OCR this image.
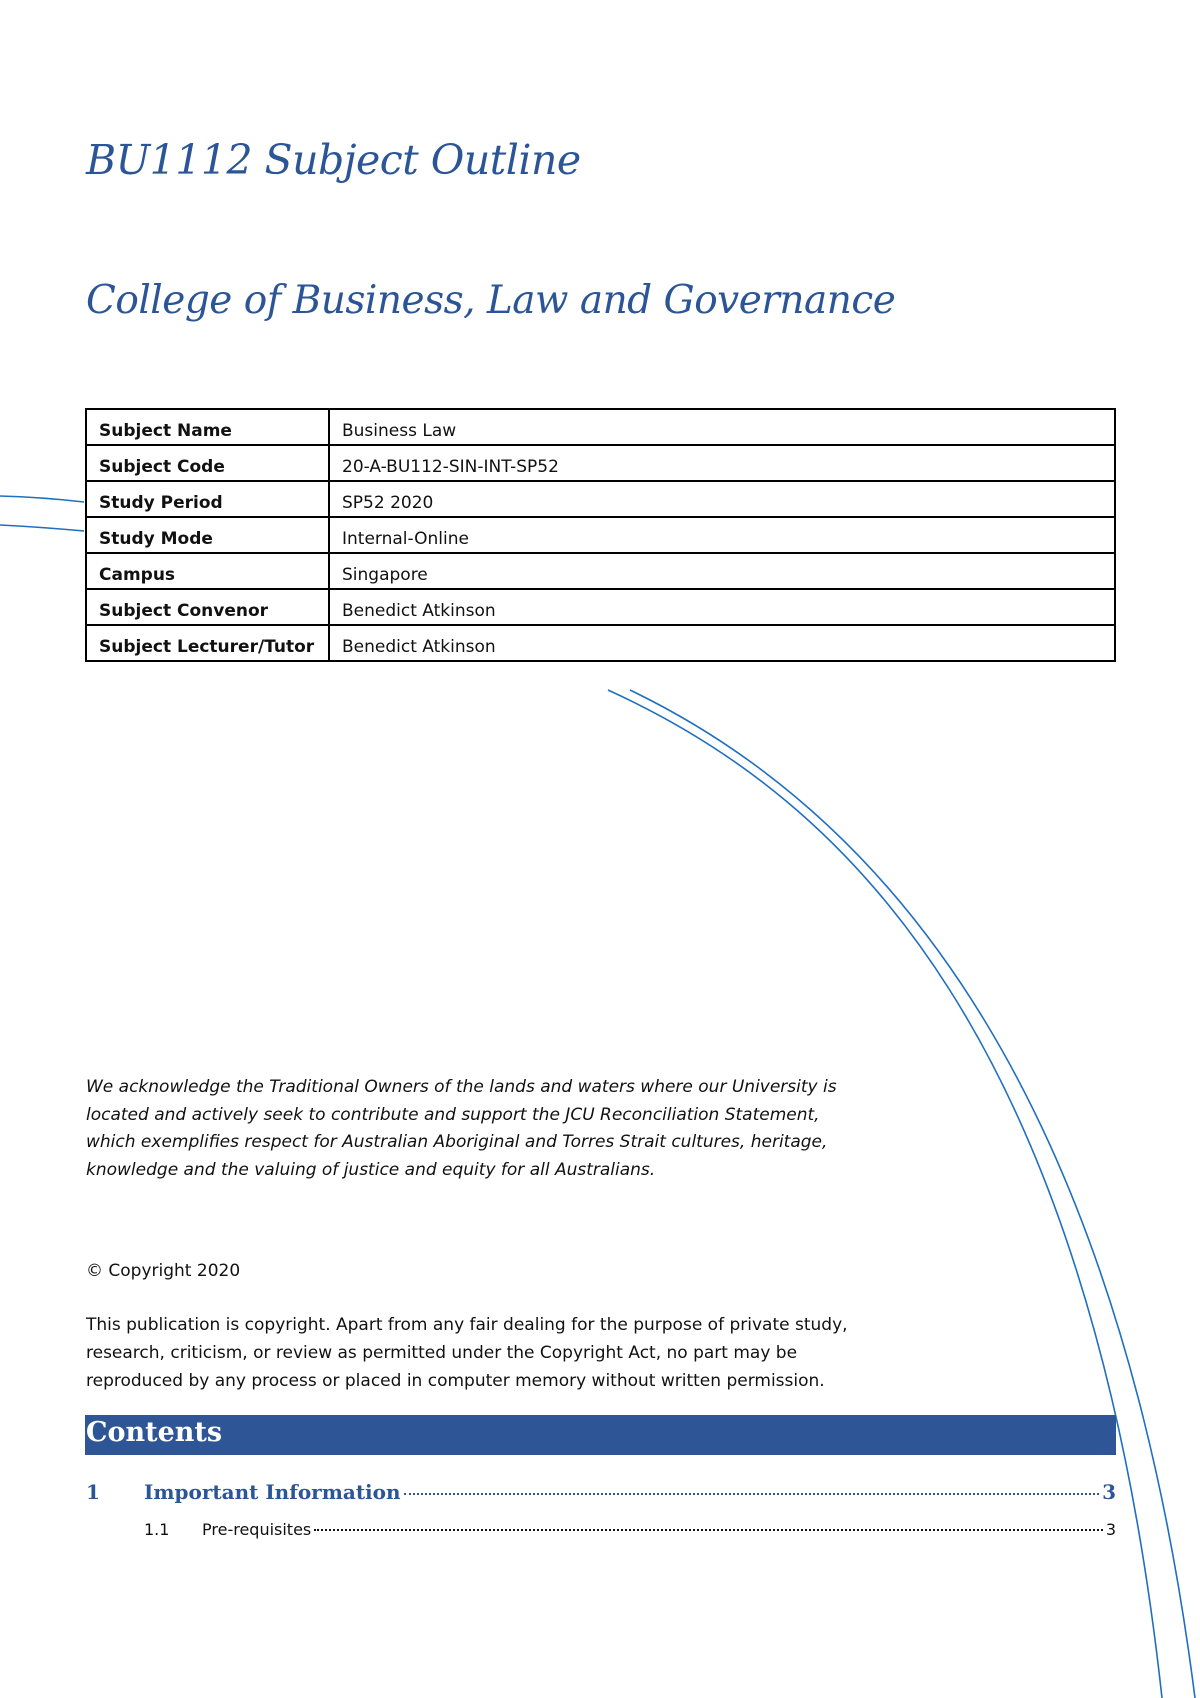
BU1112 Subject Outline
College of Business, Law and Governance
Subject Name	Business Law
Subject Code	20-A-BU112-SIN-INT-SP52
Study Period	SP52 2020
Study Mode	Internal-Online
Campus	Singapore
Subject Convenor	Benedict Atkinson
Subject Lecturer/Tutor	Benedict Atkinson

We acknowledge the Traditional Owners of the lands and waters where our University is
located and actively seek to contribute and support the JCU Reconciliation Statement,
which exemplifies respect for Australian Aboriginal and Torres Strait cultures, heritage,
knowledge and the valuing of justice and equity for all Australians.

© Copyright 2020

This publication is copyright. Apart from any fair dealing for the purpose of private study,
research, criticism, or review as permitted under the Copyright Act, no part may be
reproduced by any process or placed in computer memory without written permission.

Contents
1	Important Information	3
1.1	Pre-requisites	3
